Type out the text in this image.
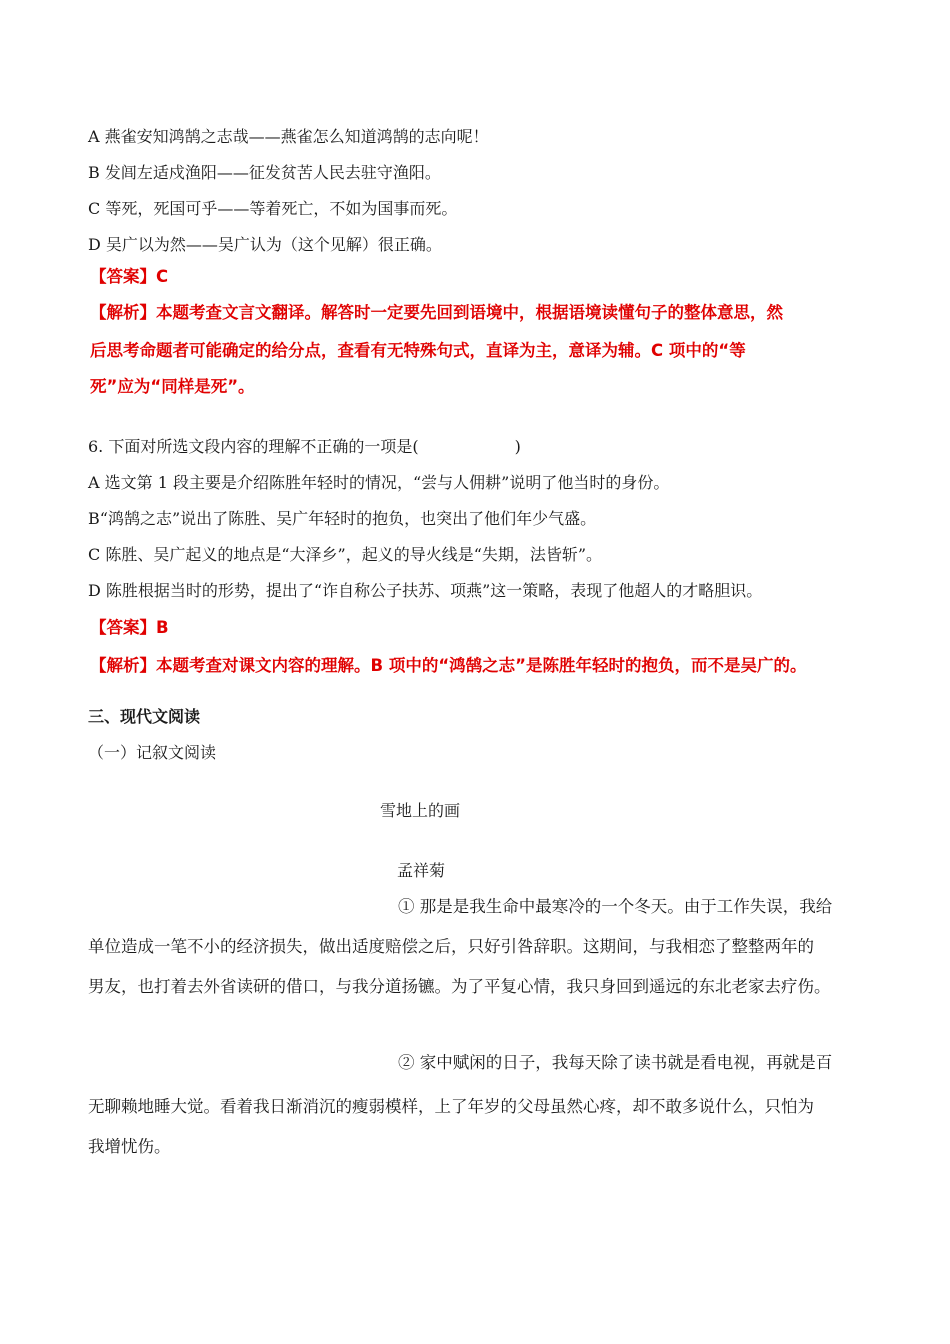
A 燕雀安知鸿鹄之志哉——燕雀怎么知道鸿鹄的志向呢！
B 发闾左适戍渔阳——征发贫苦人民去驻守渔阳。
C 等死，死国可乎——等着死亡，不如为国事而死。
D 吴广以为然——吴广认为（这个见解）很正确。
【答案】C
【解析】本题考查文言文翻译。解答时一定要先回到语境中，根据语境读懂句子的整体意思，然
后思考命题者可能确定的给分点，查看有无特殊句式，直译为主，意译为辅。C 项中的“等
死”应为“同样是死”。
6. 下面对所选文段内容的理解不正确的一项是(　　　　　　)
A 选文第 1 段主要是介绍陈胜年轻时的情况，“尝与人佣耕”说明了他当时的身份。
B“鸿鹄之志”说出了陈胜、吴广年轻时的抱负，也突出了他们年少气盛。
C 陈胜、吴广起义的地点是“大泽乡”，起义的导火线是“失期，法皆斩”。
D 陈胜根据当时的形势，提出了“诈自称公子扶苏、项燕”这一策略，表现了他超人的才略胆识。
【答案】B
【解析】本题考查对课文内容的理解。B 项中的“鸿鹄之志”是陈胜年轻时的抱负，而不是吴广的。
三、现代文阅读
（一）记叙文阅读
雪地上的画
孟祥菊
① 那是是我生命中最寒冷的一个冬天。由于工作失误，我给
单位造成一笔不小的经济损失，做出适度赔偿之后，只好引咎辞职。这期间，与我相恋了整整两年的
男友，也打着去外省读研的借口，与我分道扬镳。为了平复心情，我只身回到遥远的东北老家去疗伤。
② 家中赋闲的日子，我每天除了读书就是看电视，再就是百
无聊赖地睡大觉。看着我日渐消沉的瘦弱模样，上了年岁的父母虽然心疼，却不敢多说什么，只怕为
我增忧伤。
